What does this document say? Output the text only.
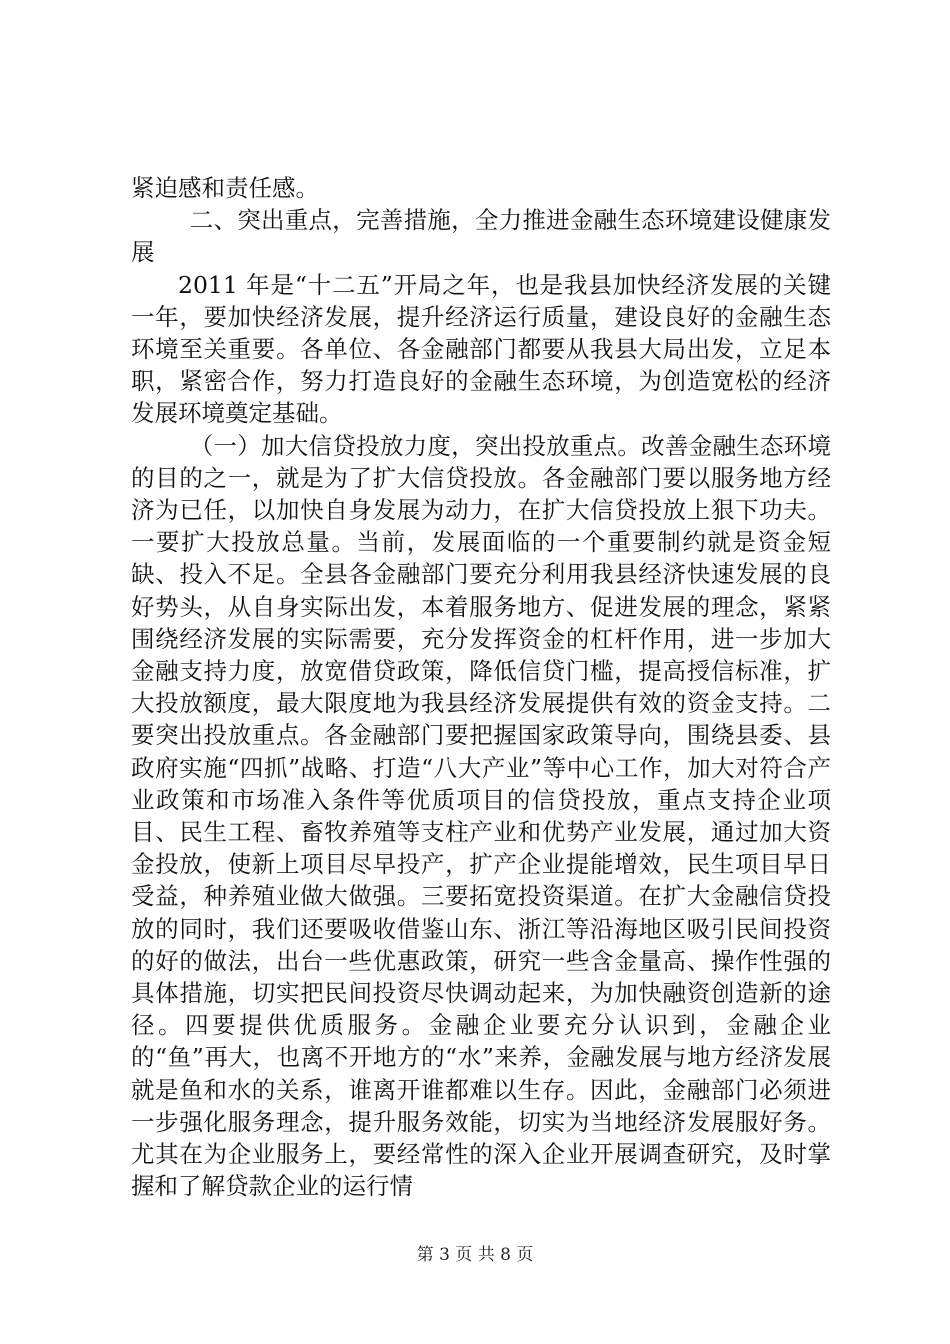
紧迫感和责任感。

二、突出重点，完善措施，全力推进金融生态环境建设健康发展

2011 年是“十二五”开局之年，也是我县加快经济发展的关键一年，要加快经济发展，提升经济运行质量，建设良好的金融生态环境至关重要。各单位、各金融部门都要从我县大局出发，立足本职，紧密合作，努力打造良好的金融生态环境，为创造宽松的经济发展环境奠定基础。

（一）加大信贷投放力度，突出投放重点。改善金融生态环境的目的之一，就是为了扩大信贷投放。各金融部门要以服务地方经济为已任，以加快自身发展为动力，在扩大信贷投放上狠下功夫。一要扩大投放总量。当前，发展面临的一个重要制约就是资金短缺、投入不足。全县各金融部门要充分利用我县经济快速发展的良好势头，从自身实际出发，本着服务地方、促进发展的理念，紧紧围绕经济发展的实际需要，充分发挥资金的杠杆作用，进一步加大金融支持力度，放宽借贷政策，降低信贷门槛，提高授信标准，扩大投放额度，最大限度地为我县经济发展提供有效的资金支持。二要突出投放重点。各金融部门要把握国家政策导向，围绕县委、县政府实施“四抓”战略、打造“八大产业”等中心工作，加大对符合产业政策和市场准入条件等优质项目的信贷投放，重点支持企业项目、民生工程、畜牧养殖等支柱产业和优势产业发展，通过加大资金投放，使新上项目尽早投产，扩产企业提能增效，民生项目早日受益，种养殖业做大做强。三要拓宽投资渠道。在扩大金融信贷投放的同时，我们还要吸收借鉴山东、浙江等沿海地区吸引民间投资的好的做法，出台一些优惠政策，研究一些含金量高、操作性强的具体措施，切实把民间投资尽快调动起来，为加快融资创造新的途径。四要提供优质服务。金融企业要充分认识到，金融企业的“鱼”再大，也离不开地方的“水”来养，金融发展与地方经济发展就是鱼和水的关系，谁离开谁都难以生存。因此，金融部门必须进一步强化服务理念，提升服务效能，切实为当地经济发展服好务。尤其在为企业服务上，要经常性的深入企业开展调查研究，及时掌握和了解贷款企业的运行情

第 3 页 共 8 页
